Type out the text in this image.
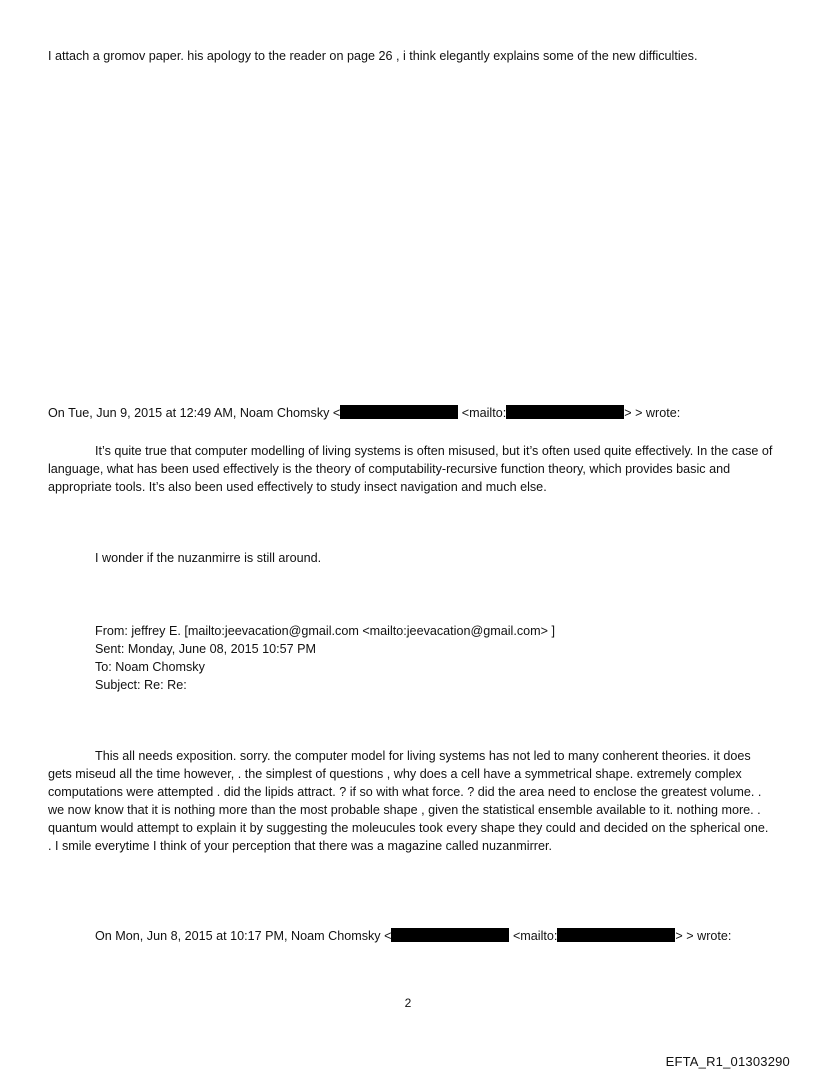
I attach a gromov paper. his apology to the reader on page 26 , i think elegantly explains some of the new difficulties.
On Tue, Jun 9, 2015 at 12:49 AM, Noam Chomsky <	<mailto:	> > wrote:
It’s quite true that computer modelling of living systems is often misused, but it’s often used quite effectively. In the case of language, what has been used effectively is the theory of computability-recursive function theory, which provides basic and appropriate tools. It’s also been used effectively to study insect navigation and much else.
I wonder if the nuzanmirre is still around.
From: jeffrey E. [mailto:jeevacation@gmail.com <mailto:jeevacation@gmail.com> ]
Sent: Monday, June 08, 2015 10:57 PM
To: Noam Chomsky
Subject: Re: Re:
This all needs exposition. sorry. the computer model for living systems has not led to many conherent theories. it does gets miseud all the time however, . the simplest of questions , why does a cell have a symmetrical shape. extremely complex computations were attempted . did the lipids attract. ? if so with what force. ? did the area need to enclose the greatest volume. . we now know that it is nothing more than the most probable shape , given the statistical ensemble available to it. nothing more. . quantum would attempt to explain it by suggesting the moleucules took every shape they could and decided on the spherical one. . I smile everytime I think of your perception that there was a magazine called nuzanmirrer.
On Mon, Jun 8, 2015 at 10:17 PM, Noam Chomsky <	<mailto:	> > wrote:
2
EFTA_R1_01303290
